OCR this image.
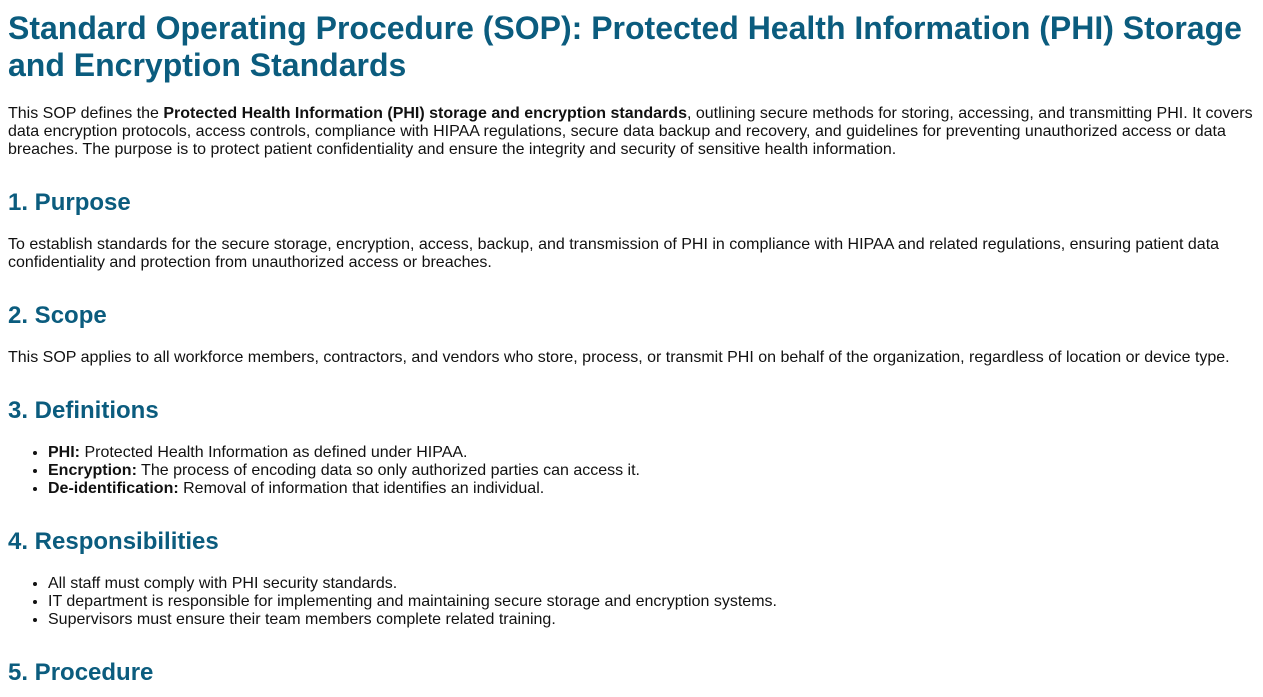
Standard Operating Procedure (SOP): Protected Health Information (PHI) Storage and Encryption Standards

This SOP defines the Protected Health Information (PHI) storage and encryption standards, outlining secure methods for storing, accessing, and transmitting PHI. It covers data encryption protocols, access controls, compliance with HIPAA regulations, secure data backup and recovery, and guidelines for preventing unauthorized access or data breaches. The purpose is to protect patient confidentiality and ensure the integrity and security of sensitive health information.

1. Purpose

To establish standards for the secure storage, encryption, access, backup, and transmission of PHI in compliance with HIPAA and related regulations, ensuring patient data confidentiality and protection from unauthorized access or breaches.

2. Scope

This SOP applies to all workforce members, contractors, and vendors who store, process, or transmit PHI on behalf of the organization, regardless of location or device type.

3. Definitions
• PHI: Protected Health Information as defined under HIPAA.
• Encryption: The process of encoding data so only authorized parties can access it.
• De-identification: Removal of information that identifies an individual.
4. Responsibilities
• All staff must comply with PHI security standards.
• IT department is responsible for implementing and maintaining secure storage and encryption systems.
• Supervisors must ensure their team members complete related training.
5. Procedure
